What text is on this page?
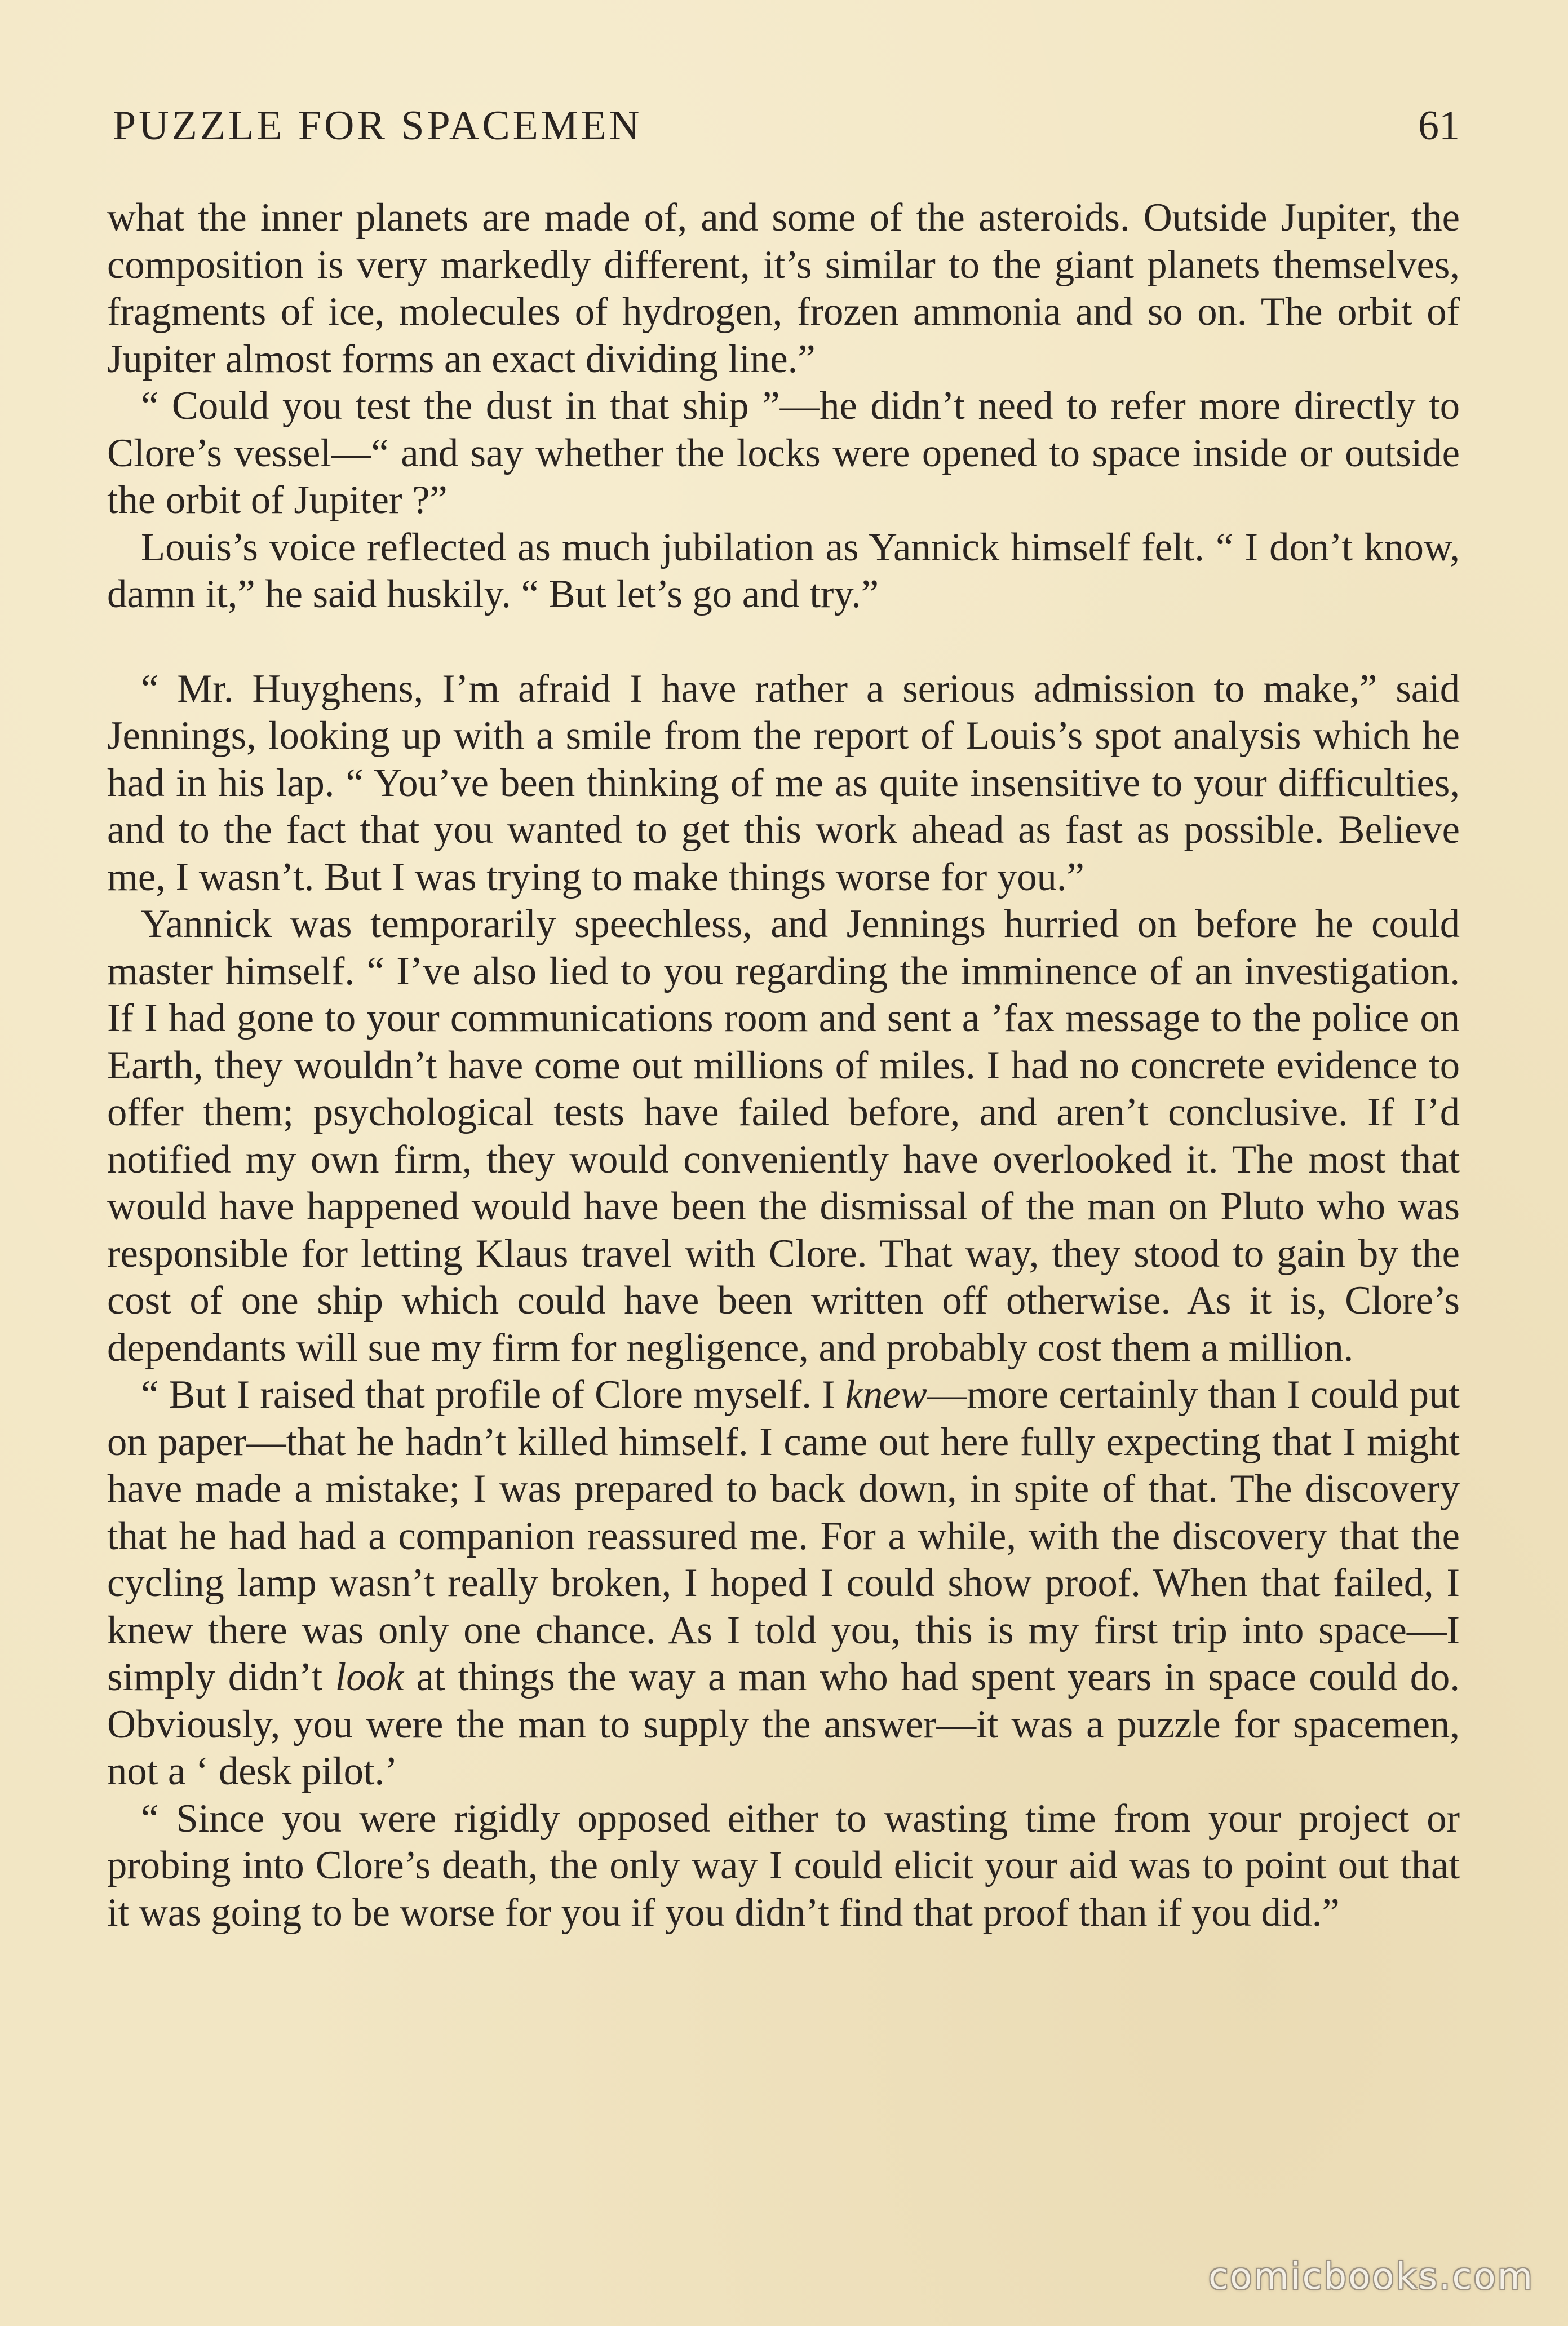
PUZZLE FOR SPACEMEN	61

what the inner planets are made of, and some of the asteroids. Outside Jupiter, the composition is very markedly different, it’s similar to the giant planets themselves, fragments of ice, molecules of hydrogen, frozen ammonia and so on. The orbit of Jupiter almost forms an exact dividing line.”

“ Could you test the dust in that ship ”—he didn’t need to refer more directly to Clore’s vessel—“ and say whether the locks were opened to space inside or outside the orbit of Jupiter ?”

Louis’s voice reflected as much jubilation as Yannick himself felt. “ I don’t know, damn it,” he said huskily. “ But let’s go and try.”

“ Mr. Huyghens, I’m afraid I have rather a serious admission to make,” said Jennings, looking up with a smile from the report of Louis’s spot analysis which he had in his lap. “ You’ve been thinking of me as quite insensitive to your difficulties, and to the fact that you wanted to get this work ahead as fast as possible. Believe me, I wasn’t. But I was trying to make things worse for you.”

Yannick was temporarily speechless, and Jennings hurried on before he could master himself. “ I’ve also lied to you regarding the imminence of an investigation. If I had gone to your communications room and sent a ’fax message to the police on Earth, they wouldn’t have come out millions of miles. I had no concrete evidence to offer them; psychological tests have failed before, and aren’t conclusive. If I’d notified my own firm, they would conveniently have overlooked it. The most that would have happened would have been the dismissal of the man on Pluto who was responsible for letting Klaus travel with Clore. That way, they stood to gain by the cost of one ship which could have been written off otherwise. As it is, Clore’s dependants will sue my firm for negligence, and probably cost them a million.

“ But I raised that profile of Clore myself. I knew—more certainly than I could put on paper—that he hadn’t killed himself. I came out here fully expecting that I might have made a mistake; I was prepared to back down, in spite of that. The discovery that he had had a companion reassured me. For a while, with the discovery that the cycling lamp wasn’t really broken, I hoped I could show proof. When that failed, I knew there was only one chance. As I told you, this is my first trip into space—I simply didn’t look at things the way a man who had spent years in space could do. Obviously, you were the man to supply the answer—it was a puzzle for spacemen, not a ‘ desk pilot.’

“ Since you were rigidly opposed either to wasting time from your project or probing into Clore’s death, the only way I could elicit your aid was to point out that it was going to be worse for you if you didn’t find that proof than if you did.”

comicbooks.com
